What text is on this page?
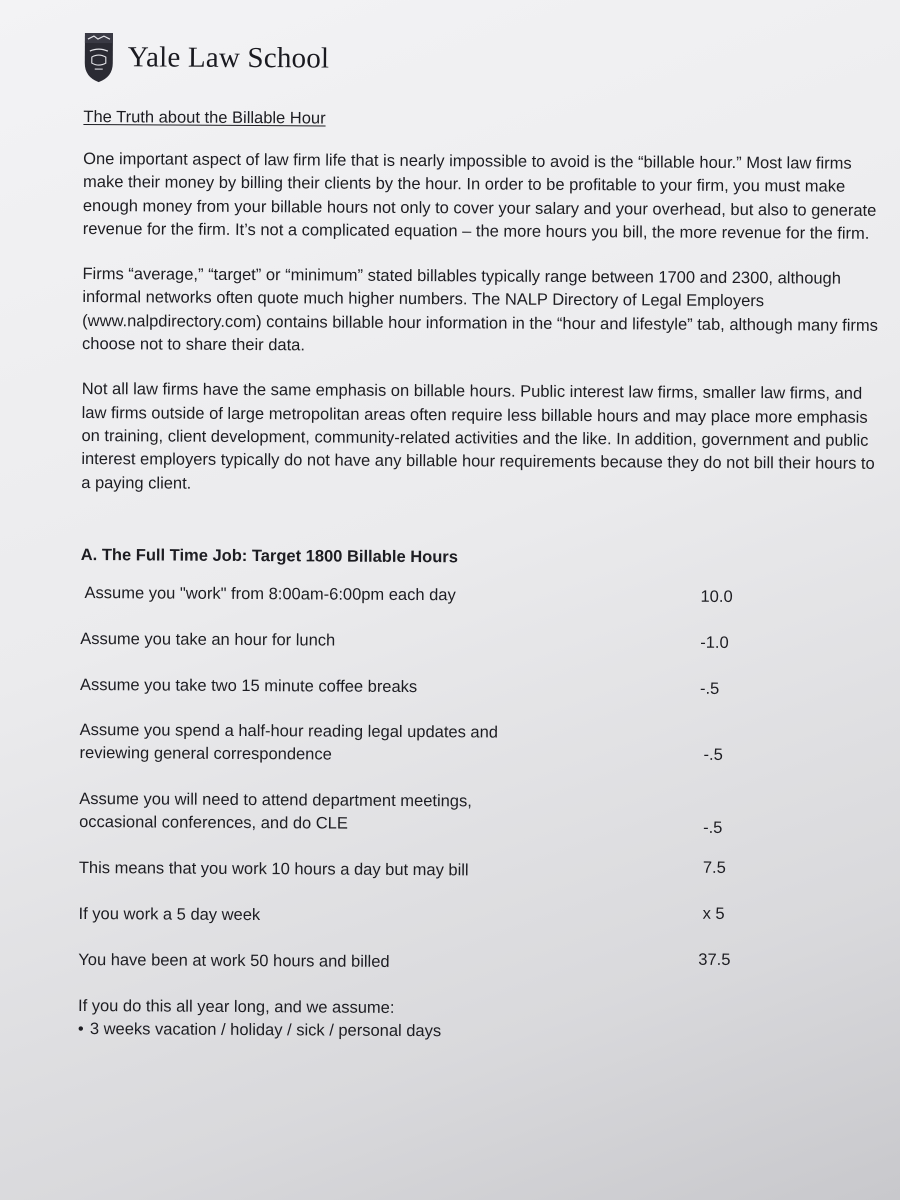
Yale Law School
The Truth about the Billable Hour

One important aspect of law firm life that is nearly impossible to avoid is the “billable hour.” Most law firms make their money by billing their clients by the hour. In order to be profitable to your firm, you must make enough money from your billable hours not only to cover your salary and your overhead, but also to generate revenue for the firm. It’s not a complicated equation – the more hours you bill, the more revenue for the firm.

Firms “average,” “target” or “minimum” stated billables typically range between 1700 and 2300, although informal networks often quote much higher numbers. The NALP Directory of Legal Employers (www.nalpdirectory.com) contains billable hour information in the “hour and lifestyle” tab, although many firms choose not to share their data.

Not all law firms have the same emphasis on billable hours. Public interest law firms, smaller law firms, and law firms outside of large metropolitan areas often require less billable hours and may place more emphasis on training, client development, community-related activities and the like. In addition, government and public interest employers typically do not have any billable hour requirements because they do not bill their hours to a paying client.

A. The Full Time Job: Target 1800 Billable Hours
Assume you "work" from 8:00am-6:00pm each day	10.0
Assume you take an hour for lunch	-1.0
Assume you take two 15 minute coffee breaks	-.5
Assume you spend a half-hour reading legal updates and reviewing general correspondence	-.5
Assume you will need to attend department meetings, occasional conferences, and do CLE	-.5
This means that you work 10 hours a day but may bill	7.5
If you work a 5 day week	x 5
You have been at work 50 hours and billed	37.5
If you do this all year long, and we assume:
• 3 weeks vacation / holiday / sick / personal days
